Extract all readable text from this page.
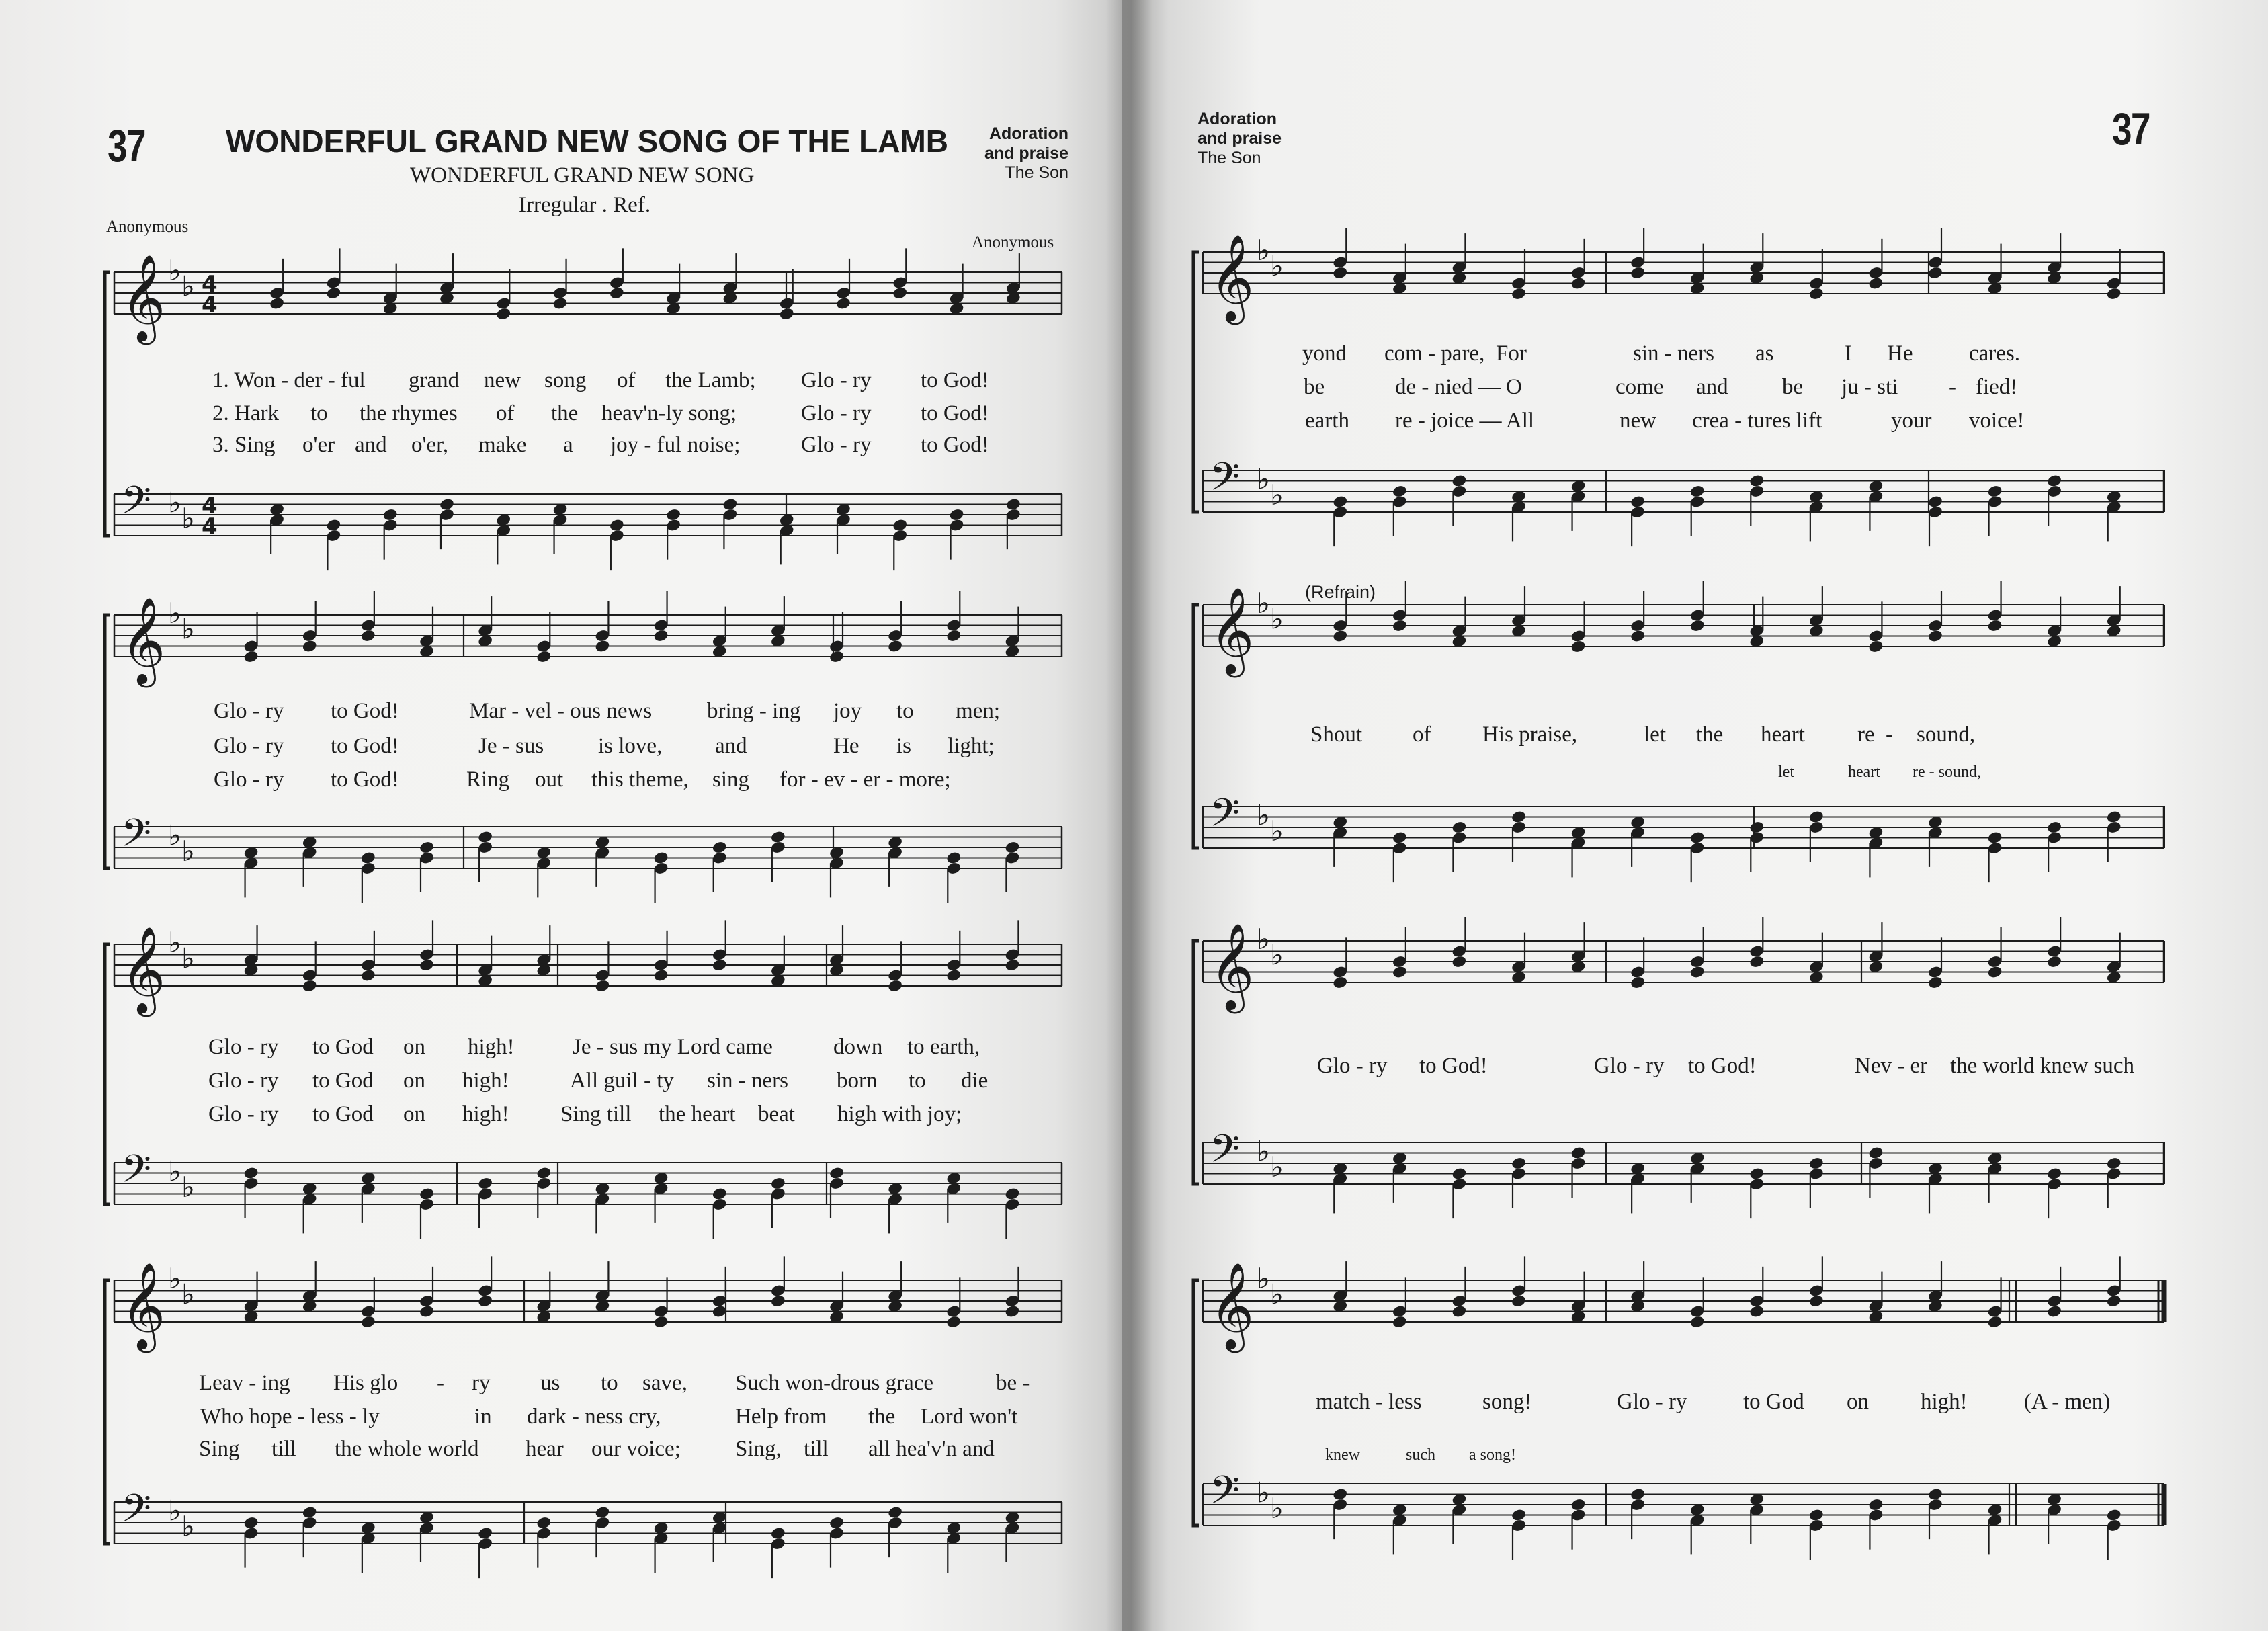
𝄞 ♭ ♭ 4
4
𝄢 ♭ ♭ 4
4
𝄞 ♭ ♭
𝄢 ♭ ♭
𝄞 ♭ ♭
𝄢 ♭ ♭
𝄞 ♭ ♭
𝄢 ♭ ♭
𝄞 ♭ ♭
𝄢 ♭ ♭
𝄞 ♭ ♭
𝄢 ♭ ♭
𝄞 ♭ ♭
𝄢 ♭ ♭
𝄞 ♭ ♭
𝄢 ♭ ♭
37	WONDERFUL GRAND NEW SONG OF THE LAMB
WONDERFUL GRAND NEW SONG
Irregular . Ref.
Anonymous
Anonymous
Adoration
and praise
The Son
Adoration
and praise
The Son
37
(Refrain)
1. Won - der - ful grand new song of the Lamb; Glo - ry to God!
2. Hark to the rhymes of the heav'n-ly song;	Glo - ry to God!
3. Sing o'er and o'er, make a joy - ful noise;	Glo - ry to God!
Glo - ry to God!	Mar - vel - ous news bring - ing joy to men;
Glo - ry to God!	Je - sus is love, and	He is light;
Glo - ry to God!	Ring out this theme, sing for - ev - er - more;
Glo - ry to God on high!	Je - sus my Lord came	down to earth,
Glo - ry to God on high!	All guil - ty sin - ners born to die
Glo - ry to God on high! Sing till the heart beat high with joy;
Leav - ing His glo - ry us to save, Such won-drous grace	be -
Who hope - less - ly	in dark - ness cry,	Help from the Lord won't
Sing till the whole world hear our voice; Sing, till all hea'v'n and
yond com - pare, For	sin - ners as	I He	cares.
be	de - nied — O	come and be ju - sti - fied!
earth re - joice — All	new crea - tures lift	your voice!
Shout of His praise,	let the heart re - sound,
let	heart re - sound,
Glo - ry to God!	Glo - ry to God!	Nev - er the world knew such
match - less	song!	Glo - ry	to God on high!	(A - men)
knew	such a song!
